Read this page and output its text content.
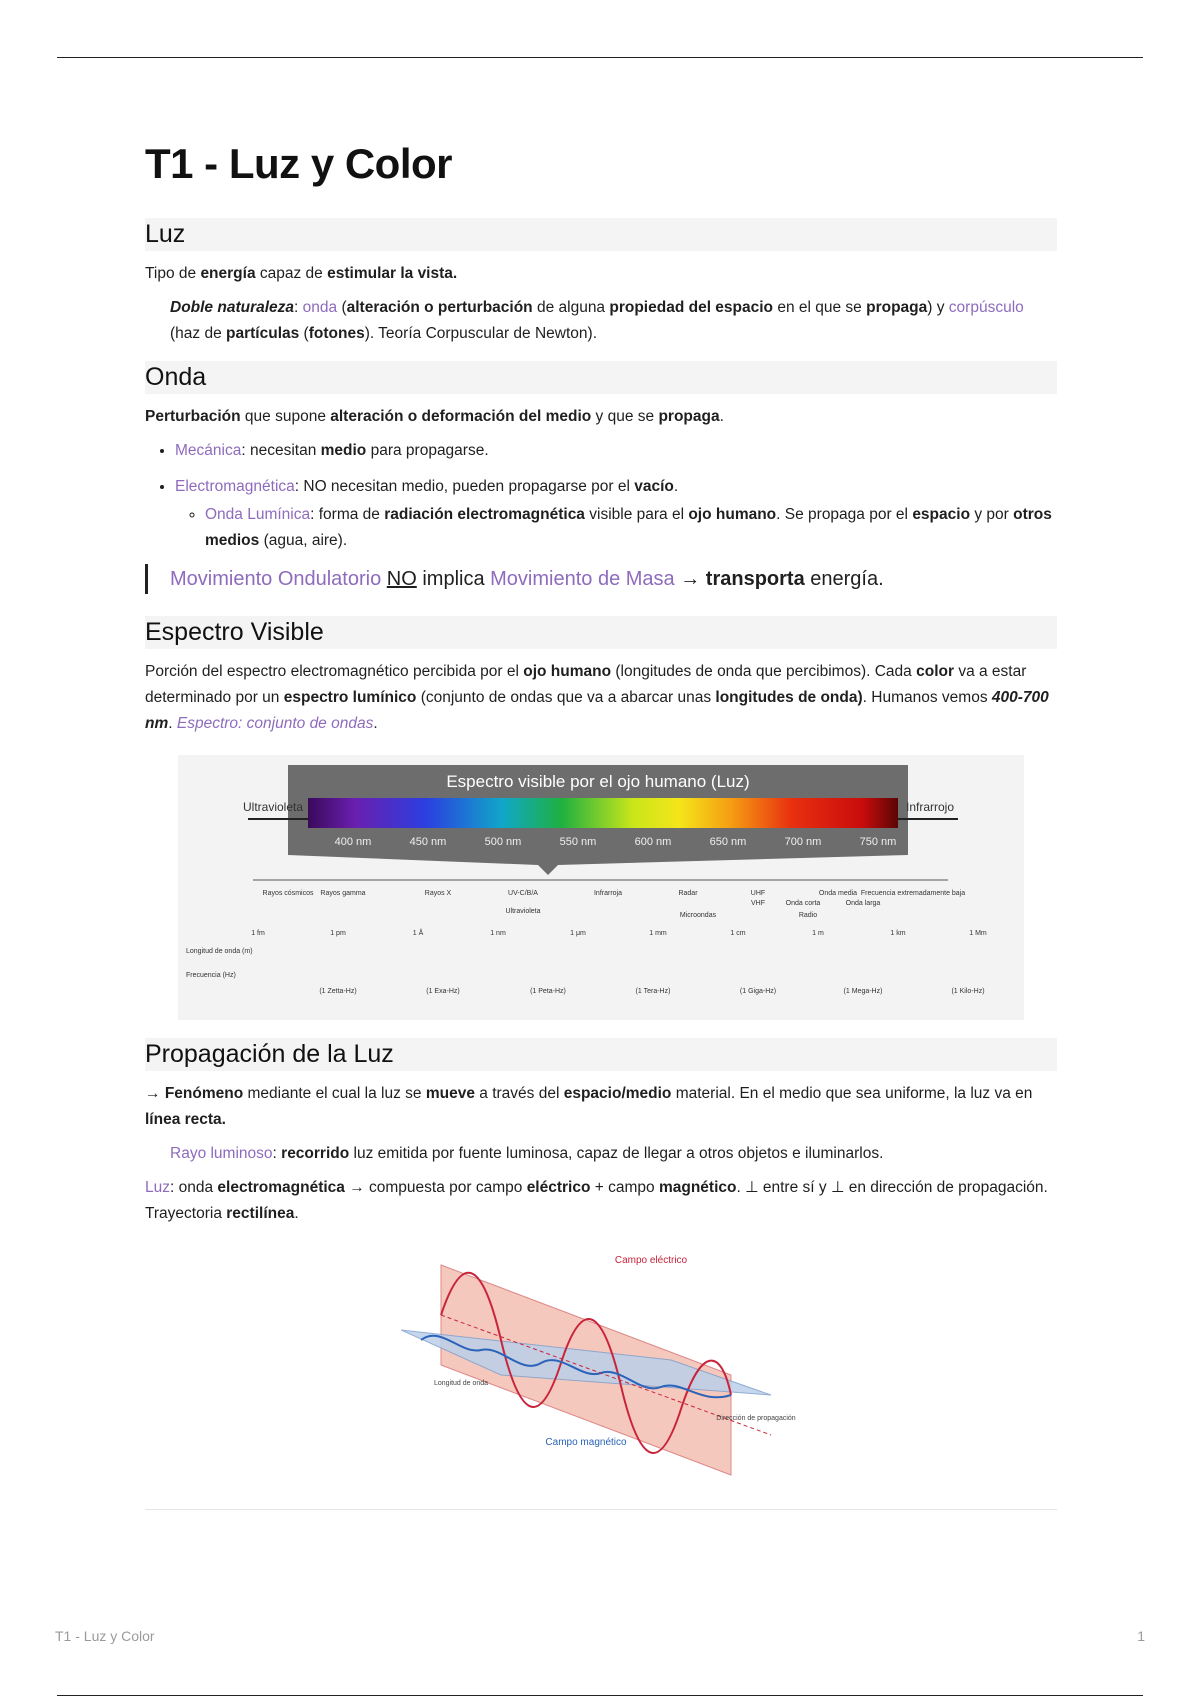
T1 - Luz y Color
Luz

Tipo de energía capaz de estimular la vista.

Doble naturaleza: onda (alteración o perturbación de alguna propiedad del espacio en el que se propaga) y corpúsculo (haz de partículas (fotones). Teoría Corpuscular de Newton).

Onda

Perturbación que supone alteración o deformación del medio y que se propaga.

• Mecánica: necesitan medio para propagarse.
• Electromagnética: NO necesitan medio, pueden propagarse por el vacío.
◦ Onda Lumínica: forma de radiación electromagnética visible para el ojo humano. Se propaga por el espacio y por otros medios (agua, aire).
Movimiento Ondulatorio NO implica Movimiento de Masa → transporta energía.
Espectro Visible

Porción del espectro electromagnético percibida por el ojo humano (longitudes de onda que percibimos). Cada color va a estar determinado por un espectro lumínico (conjunto de ondas que va a abarcar unas longitudes de onda). Humanos vemos 400-700 nm. Espectro: conjunto de ondas.

Espectro visible por el ojo humano (Luz)
Ultravioleta	Infrarrojo
400 nm	450 nm	500 nm	550 nm	600 nm	650 nm	700 nm	750 nm
Rayos cósmicos Rayos gamma	Rayos X	UV-C/B/A	Infrarroja	Radar	UHF	Onda media Frecuencia extremadamente baja
Ultravioleta
Microondas
VHF	Onda corta	Onda larga
Radio
1 fm	1 pm	1 Å	1 nm	1 μm	1 mm	1 cm	1 m	1 km	1 Mm
Longitud de onda (m)
Frecuencia (Hz)
(1 Zetta-Hz)	(1 Exa-Hz)	(1 Peta-Hz)	(1 Tera-Hz)	(1 Giga-Hz)	(1 Mega-Hz)	(1 Kilo-Hz)
Propagación de la Luz

→ Fenómeno mediante el cual la luz se mueve a través del espacio/medio material. En el medio que sea uniforme, la luz va en línea recta.

Rayo luminoso: recorrido luz emitida por fuente luminosa, capaz de llegar a otros objetos e iluminarlos.

Luz: onda electromagnética → compuesta por campo eléctrico + campo magnético. ⊥ entre sí y ⊥ en dirección de propagación. Trayectoria rectilínea.

Campo eléctrico
Campo magnético
Longitud de onda
Dirección de propagación
T1 - Luz y Color	1
